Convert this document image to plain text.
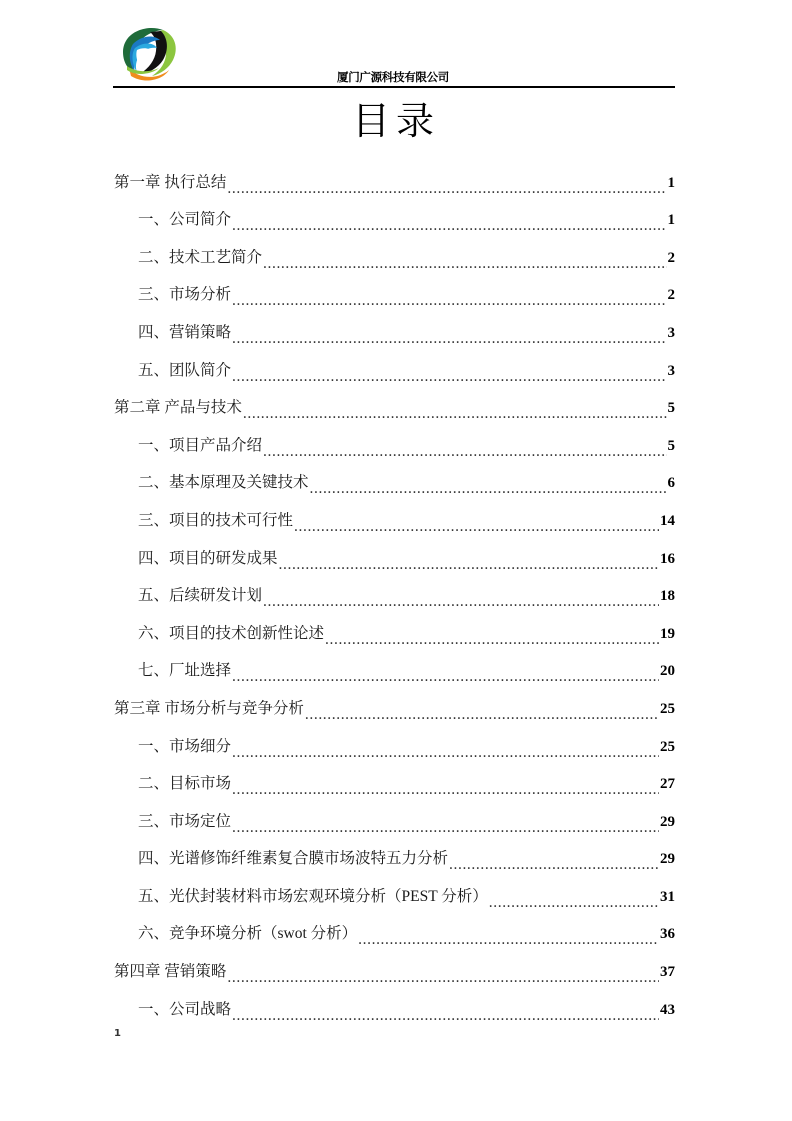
厦门广源科技有限公司
目录
第一章 执行总结 .....	1
一、公司简介 .....	1
二、技术工艺简介 .....	2
三、市场分析 .....	2
四、营销策略 .....	3
五、团队简介 .....	3
第二章 产品与技术 .....	5
一、项目产品介绍 .....	5
二、基本原理及关键技术 .....	6
三、项目的技术可行性 .....	14
四、项目的研发成果 .....	16
五、后续研发计划 .....	18
六、项目的技术创新性论述 .....	19
七、厂址选择 .....	20
第三章 市场分析与竞争分析 .....	25
一、市场细分 .....	25
二、目标市场 .....	27
三、市场定位 .....	29
四、光谱修饰纤维素复合膜市场波特五力分析 .....	29
五、光伏封装材料市场宏观环境分析（PEST 分析） .....	31
六、竞争环境分析（swot 分析） .....	36
第四章 营销策略 .....	37
一、公司战略 .....	43
1
